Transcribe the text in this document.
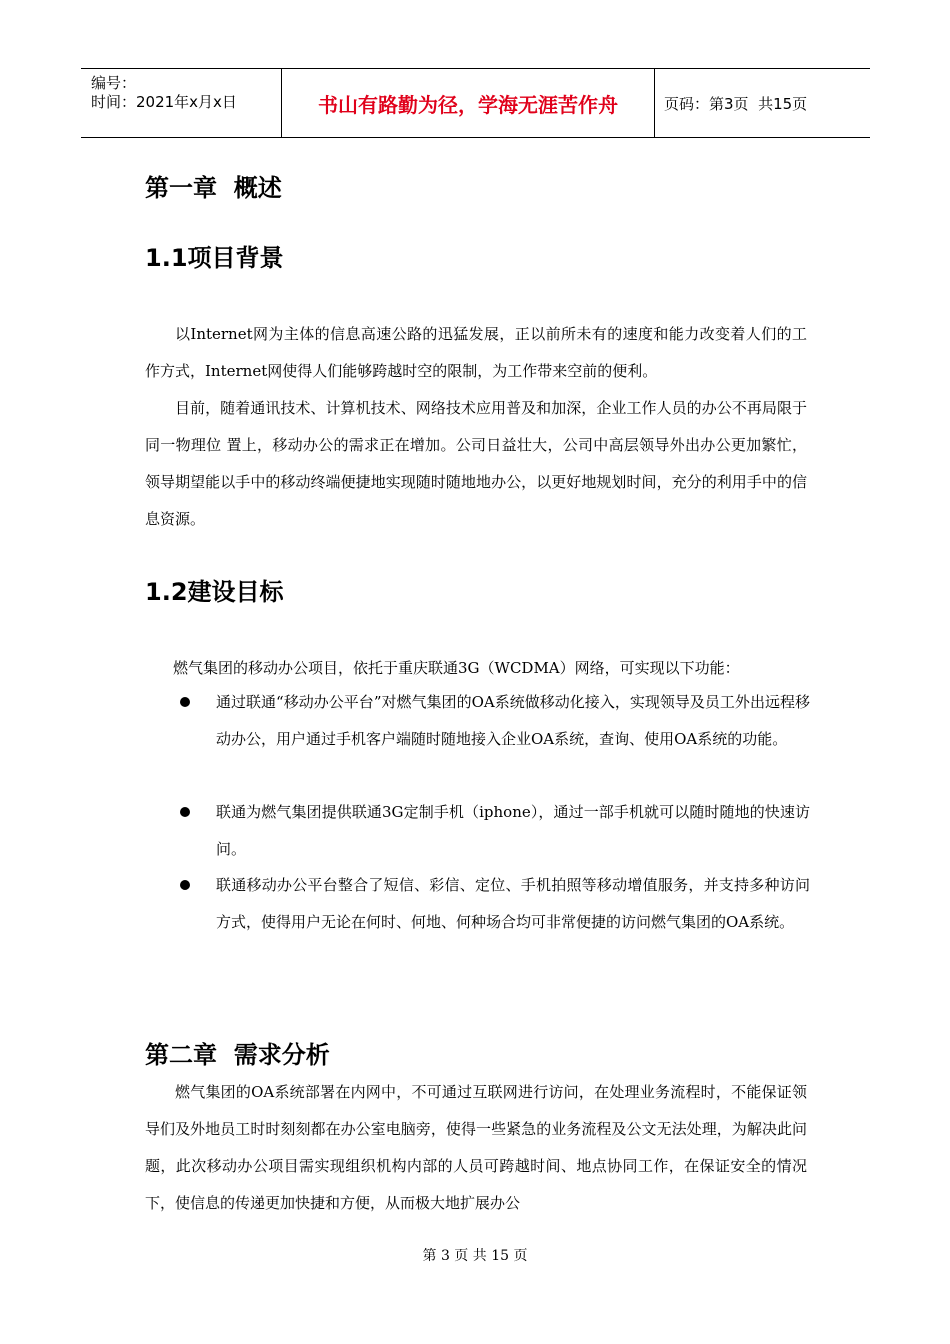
编号：
时间：2021年x月x日	书山有路勤为径，学海无涯苦作舟	页码：第3页  共15页
第一章  概述
1.1项目背景
以Internet网为主体的信息高速公路的迅猛发展，正以前所未有的速度和能力改变着人们的工作方式，Internet网使得人们能够跨越时空的限制，为工作带来空前的便利。
目前，随着通讯技术、计算机技术、网络技术应用普及和加深，企业工作人员的办公不再局限于同一物理位 置上，移动办公的需求正在增加。公司日益壮大，公司中高层领导外出办公更加繁忙，领导期望能以手中的移动终端便捷地实现随时随地地办公，以更好地规划时间，充分的利用手中的信息资源。
1.2建设目标
燃气集团的移动办公项目，依托于重庆联通3G（WCDMA）网络，可实现以下功能：
通过联通“移动办公平台”对燃气集团的OA系统做移动化接入，实现领导及员工外出远程移动办公，用户通过手机客户端随时随地接入企业OA系统，查询、使用OA系统的功能。
联通为燃气集团提供联通3G定制手机（iphone），通过一部手机就可以随时随地的快速访问。
联通移动办公平台整合了短信、彩信、定位、手机拍照等移动增值服务，并支持多种访问方式，使得用户无论在何时、何地、何种场合均可非常便捷的访问燃气集团的OA系统。
第二章  需求分析
燃气集团的OA系统部署在内网中，不可通过互联网进行访问，在处理业务流程时，不能保证领导们及外地员工时时刻刻都在办公室电脑旁，使得一些紧急的业务流程及公文无法处理，为解决此问题，此次移动办公项目需实现组织机构内部的人员可跨越时间、地点协同工作，在保证安全的情况下，使信息的传递更加快捷和方便，从而极大地扩展办公
第 3 页 共 15 页
